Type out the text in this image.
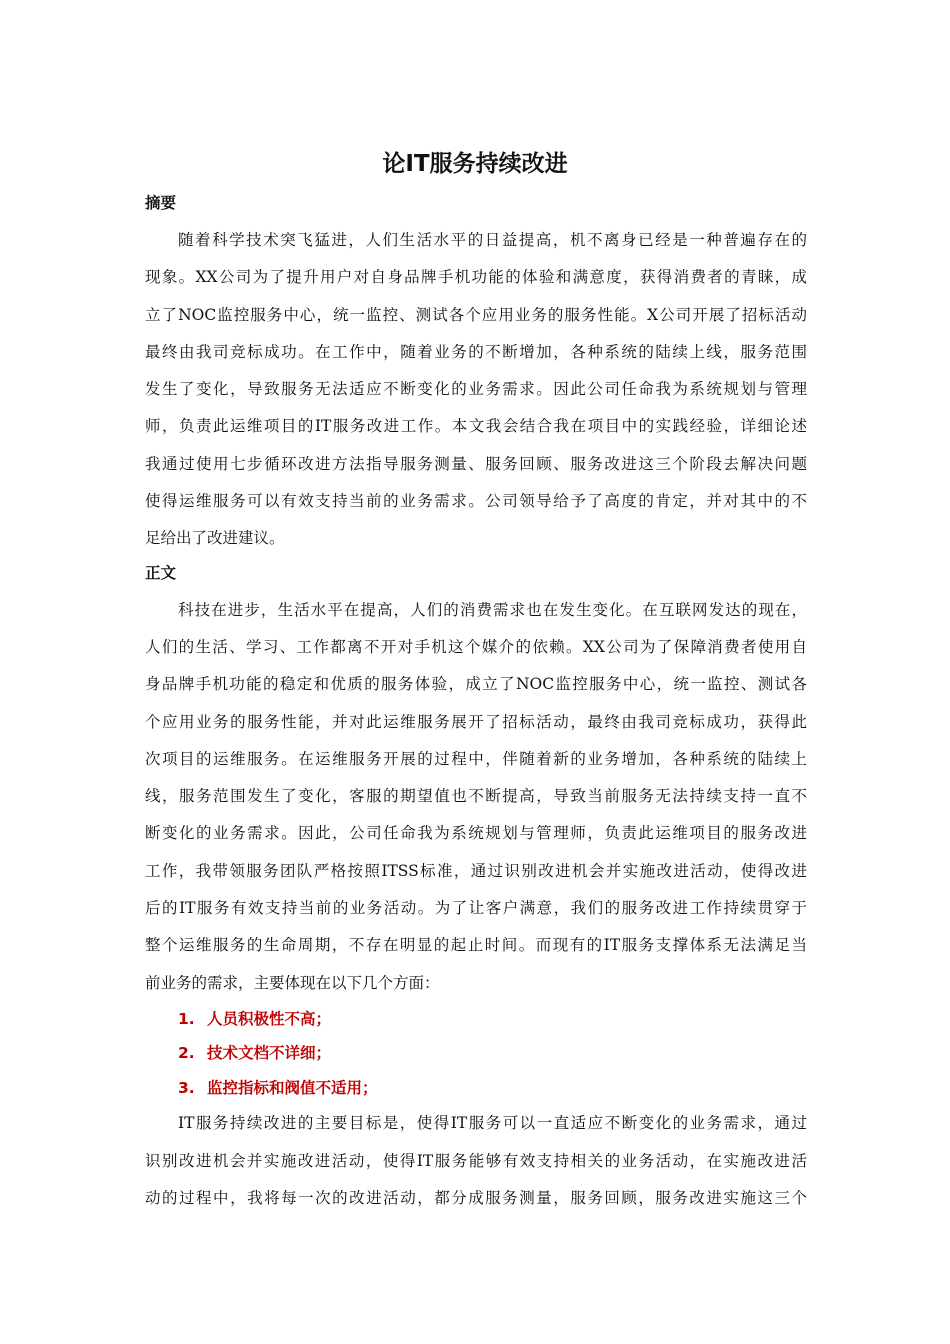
论IT服务持续改进
摘要
随着科学技术突飞猛进，人们生活水平的日益提高，机不离身已经是一种普遍存在的
现象。XX公司为了提升用户对自身品牌手机功能的体验和满意度，获得消费者的青睐，成
立了NOC监控服务中心，统一监控、测试各个应用业务的服务性能。X公司开展了招标活动
最终由我司竞标成功。在工作中，随着业务的不断增加，各种系统的陆续上线，服务范围
发生了变化，导致服务无法适应不断变化的业务需求。因此公司任命我为系统规划与管理
师，负责此运维项目的IT服务改进工作。本文我会结合我在项目中的实践经验，详细论述
我通过使用七步循环改进方法指导服务测量、服务回顾、服务改进这三个阶段去解决问题
使得运维服务可以有效支持当前的业务需求。公司领导给予了高度的肯定，并对其中的不
足给出了改进建议。
正文
科技在进步，生活水平在提高，人们的消费需求也在发生变化。在互联网发达的现在，
人们的生活、学习、工作都离不开对手机这个媒介的依赖。XX公司为了保障消费者使用自
身品牌手机功能的稳定和优质的服务体验，成立了NOC监控服务中心，统一监控、测试各
个应用业务的服务性能，并对此运维服务展开了招标活动，最终由我司竞标成功，获得此
次项目的运维服务。在运维服务开展的过程中，伴随着新的业务增加，各种系统的陆续上
线，服务范围发生了变化，客服的期望值也不断提高，导致当前服务无法持续支持一直不
断变化的业务需求。因此，公司任命我为系统规划与管理师，负责此运维项目的服务改进
工作，我带领服务团队严格按照ITSS标准，通过识别改进机会并实施改进活动，使得改进
后的IT服务有效支持当前的业务活动。为了让客户满意，我们的服务改进工作持续贯穿于
整个运维服务的生命周期，不存在明显的起止时间。而现有的IT服务支撑体系无法满足当
前业务的需求，主要体现在以下几个方面：
1. 人员积极性不高；
2. 技术文档不详细；
3. 监控指标和阀值不适用；
IT服务持续改进的主要目标是，使得IT服务可以一直适应不断变化的业务需求，通过
识别改进机会并实施改进活动，使得IT服务能够有效支持相关的业务活动，在实施改进活
动的过程中，我将每一次的改进活动，都分成服务测量，服务回顾，服务改进实施这三个
